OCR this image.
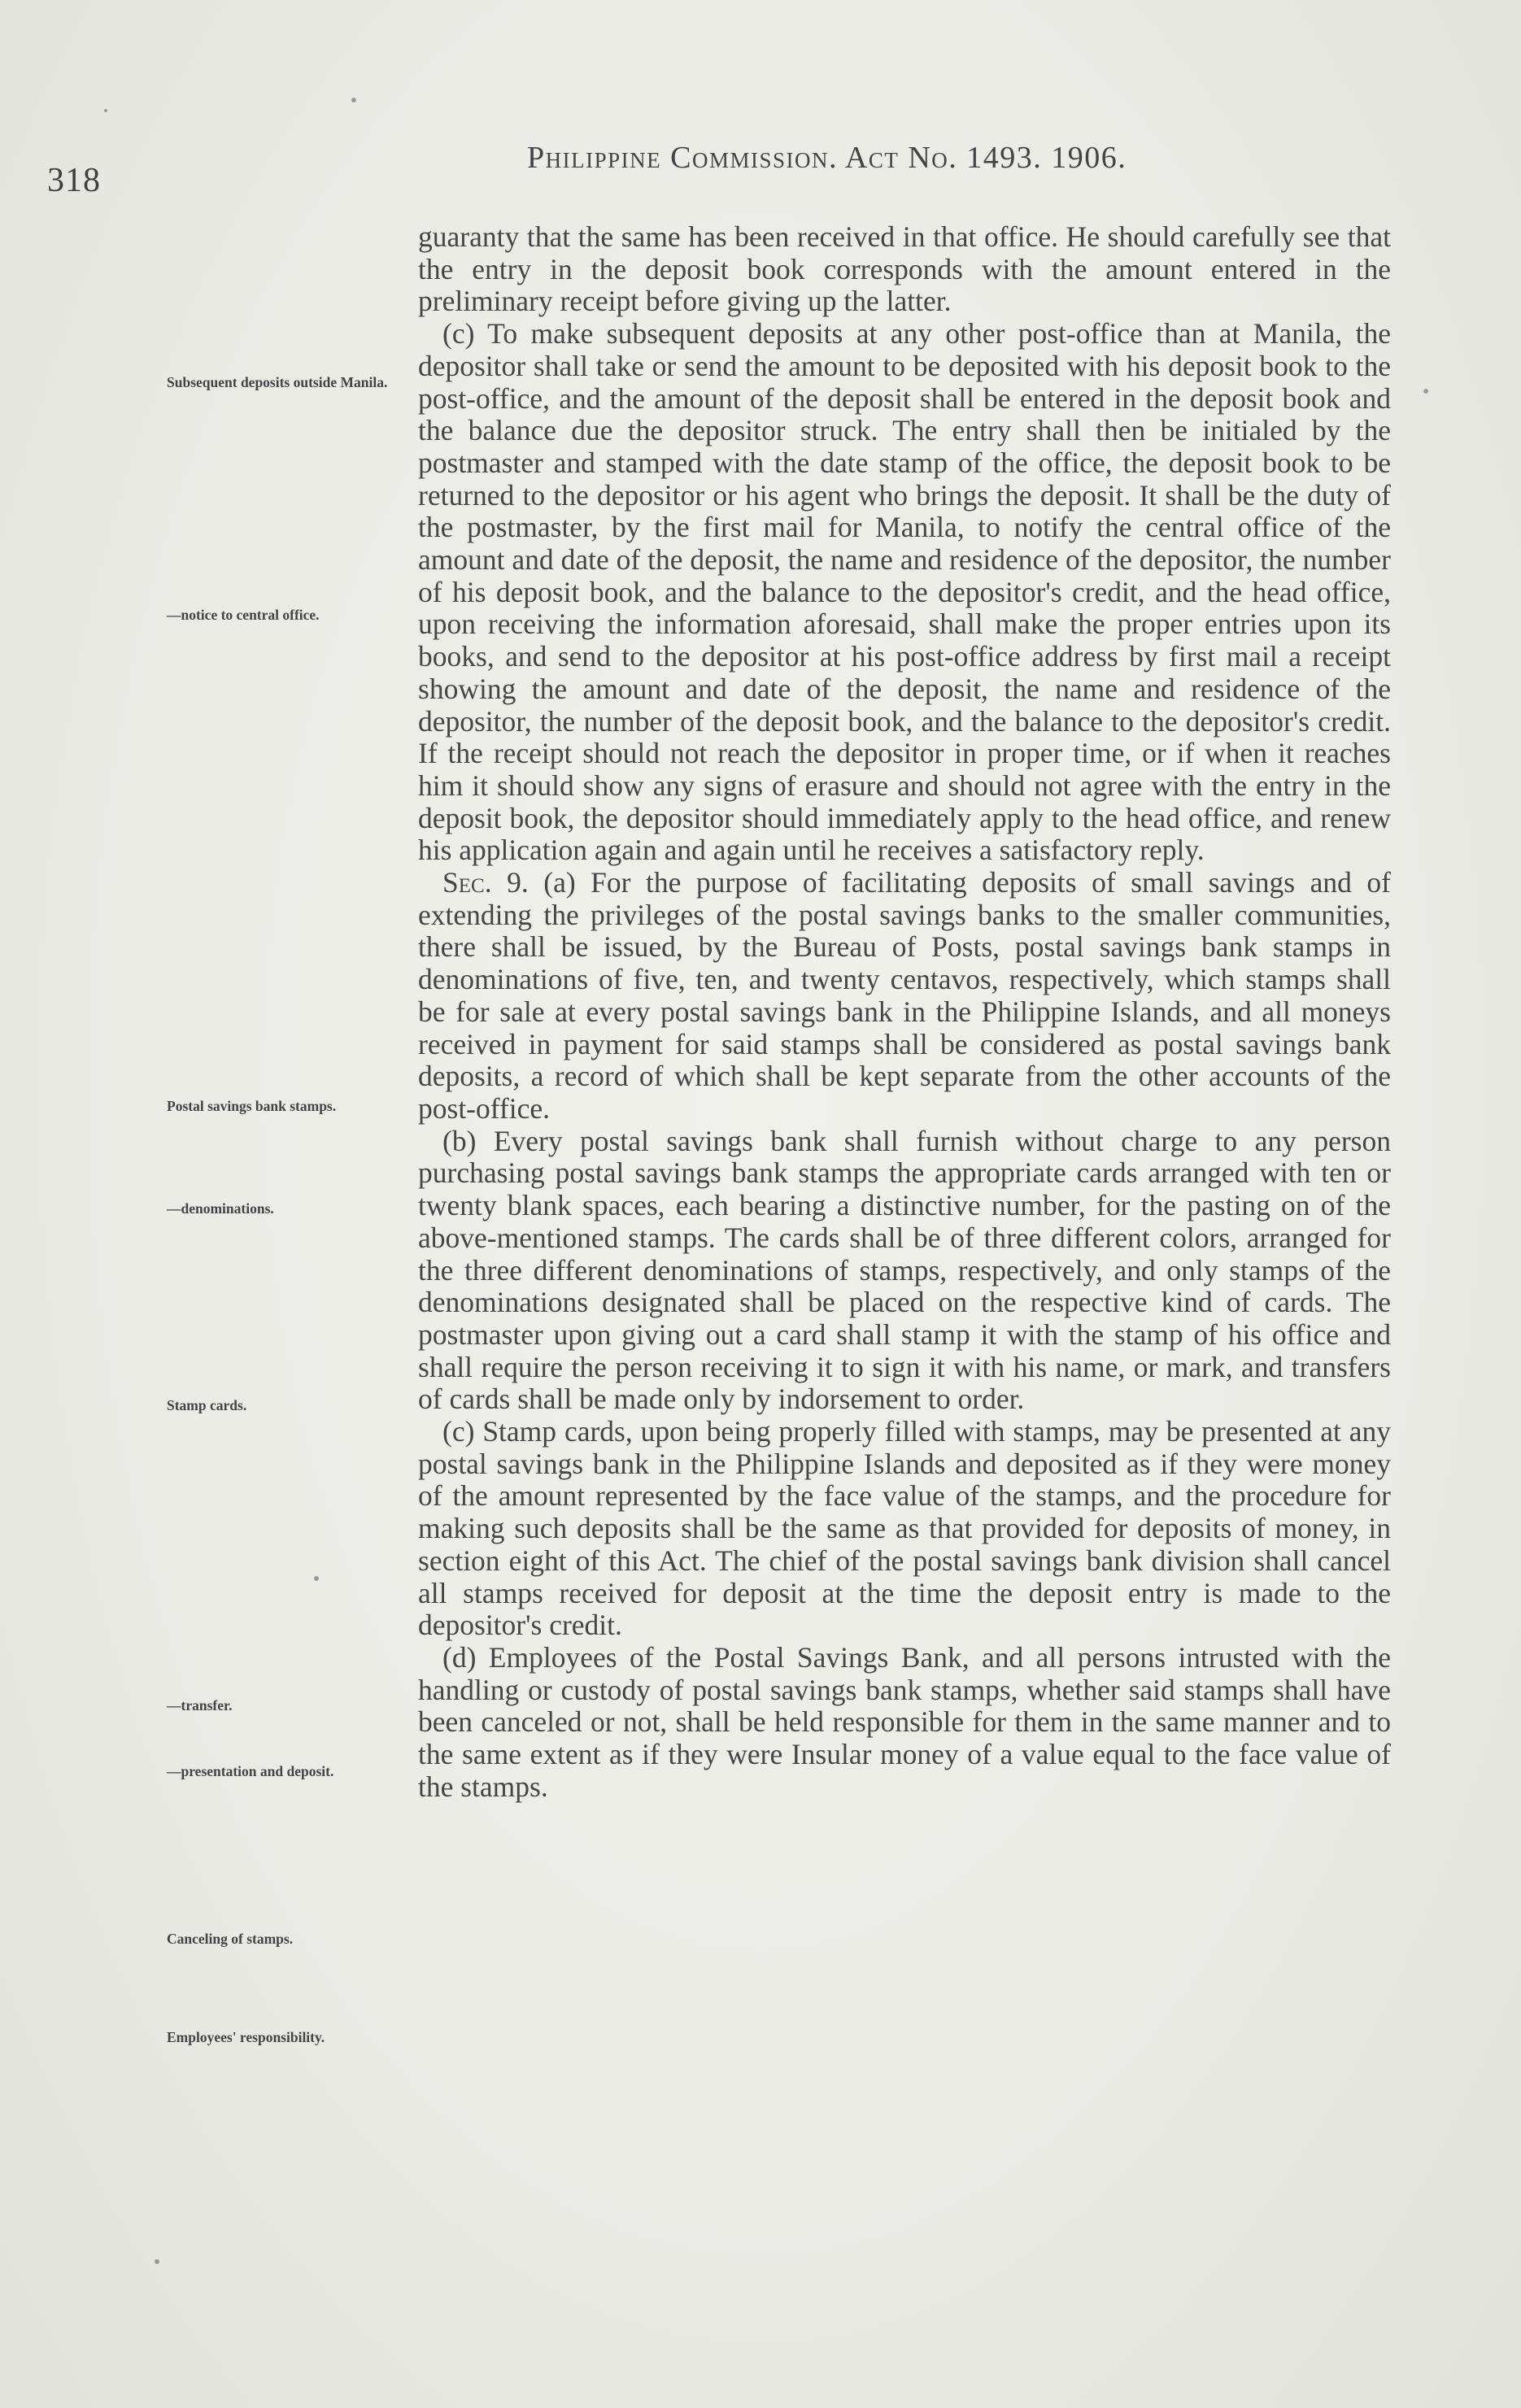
318
Philippine Commission. Act No. 1493. 1906.
Subsequent deposits outside Manila.
—notice to central office.
Postal savings bank stamps.
—denominations.
Stamp cards.
—transfer.
—presentation and deposit.
Canceling of stamps.
Employees' responsibility.

guaranty that the same has been received in that office. He should carefully see that the entry in the deposit book corresponds with the amount entered in the preliminary receipt before giving up the latter.

(c) To make subsequent deposits at any other post-office than at Manila, the depositor shall take or send the amount to be deposited with his deposit book to the post-office, and the amount of the deposit shall be entered in the deposit book and the balance due the depositor struck. The entry shall then be initialed by the postmaster and stamped with the date stamp of the office, the deposit book to be returned to the depositor or his agent who brings the deposit. It shall be the duty of the postmaster, by the first mail for Manila, to notify the central office of the amount and date of the deposit, the name and residence of the depositor, the number of his deposit book, and the balance to the depositor's credit, and the head office, upon receiving the information aforesaid, shall make the proper entries upon its books, and send to the depositor at his post-office address by first mail a receipt showing the amount and date of the deposit, the name and residence of the depositor, the number of the deposit book, and the balance to the depositor's credit. If the receipt should not reach the depositor in proper time, or if when it reaches him it should show any signs of erasure and should not agree with the entry in the deposit book, the depositor should immediately apply to the head office, and renew his application again and again until he receives a satisfactory reply.

Sec. 9. (a) For the purpose of facilitating deposits of small savings and of extending the privileges of the postal savings banks to the smaller communities, there shall be issued, by the Bureau of Posts, postal savings bank stamps in denominations of five, ten, and twenty centavos, respectively, which stamps shall be for sale at every postal savings bank in the Philippine Islands, and all moneys received in payment for said stamps shall be considered as postal savings bank deposits, a record of which shall be kept separate from the other accounts of the post-office.

(b) Every postal savings bank shall furnish without charge to any person purchasing postal savings bank stamps the appropriate cards arranged with ten or twenty blank spaces, each bearing a distinctive number, for the pasting on of the above-mentioned stamps. The cards shall be of three different colors, arranged for the three different denominations of stamps, respectively, and only stamps of the denominations designated shall be placed on the respective kind of cards. The postmaster upon giving out a card shall stamp it with the stamp of his office and shall require the person receiving it to sign it with his name, or mark, and transfers of cards shall be made only by indorsement to order.

(c) Stamp cards, upon being properly filled with stamps, may be presented at any postal savings bank in the Philippine Islands and deposited as if they were money of the amount represented by the face value of the stamps, and the procedure for making such deposits shall be the same as that provided for deposits of money, in section eight of this Act. The chief of the postal savings bank division shall cancel all stamps received for deposit at the time the deposit entry is made to the depositor's credit.

(d) Employees of the Postal Savings Bank, and all persons intrusted with the handling or custody of postal savings bank stamps, whether said stamps shall have been canceled or not, shall be held responsible for them in the same manner and to the same extent as if they were Insular money of a value equal to the face value of the stamps.
